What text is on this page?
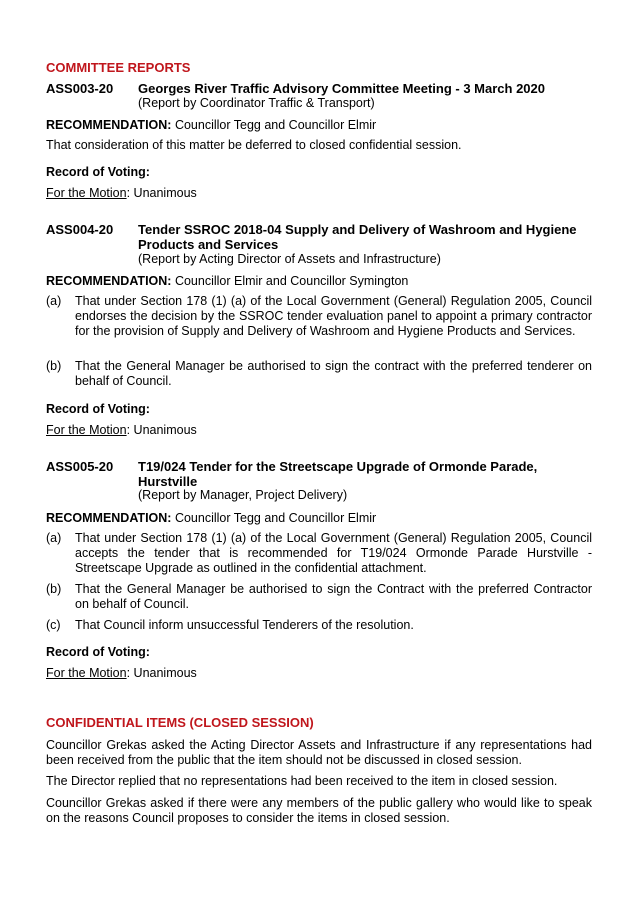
COMMITTEE REPORTS
ASS003-20 Georges River Traffic Advisory Committee Meeting - 3 March 2020
(Report by Coordinator Traffic & Transport)
RECOMMENDATION: Councillor Tegg and Councillor Elmir
That consideration of this matter be deferred to closed confidential session.
Record of Voting:
For the Motion: Unanimous
ASS004-20 Tender SSROC 2018-04 Supply and Delivery of Washroom and Hygiene Products and Services
(Report by Acting Director of Assets and Infrastructure)
RECOMMENDATION: Councillor Elmir and Councillor Symington
(a) That under Section 178 (1) (a) of the Local Government (General) Regulation 2005, Council endorses the decision by the SSROC tender evaluation panel to appoint a primary contractor for the provision of Supply and Delivery of Washroom and Hygiene Products and Services.
(b) That the General Manager be authorised to sign the contract with the preferred tenderer on behalf of Council.
Record of Voting:
For the Motion: Unanimous
ASS005-20 T19/024 Tender for the Streetscape Upgrade of Ormonde Parade, Hurstville
(Report by Manager, Project Delivery)
RECOMMENDATION: Councillor Tegg and Councillor Elmir
(a) That under Section 178 (1) (a) of the Local Government (General) Regulation 2005, Council accepts the tender that is recommended for T19/024 Ormonde Parade Hurstville - Streetscape Upgrade as outlined in the confidential attachment.
(b) That the General Manager be authorised to sign the Contract with the preferred Contractor on behalf of Council.
(c) That Council inform unsuccessful Tenderers of the resolution.
Record of Voting:
For the Motion: Unanimous
CONFIDENTIAL ITEMS (CLOSED SESSION)
Councillor Grekas asked the Acting Director Assets and Infrastructure if any representations had been received from the public that the item should not be discussed in closed session.
The Director replied that no representations had been received to the item in closed session.
Councillor Grekas asked if there were any members of the public gallery who would like to speak on the reasons Council proposes to consider the items in closed session.
